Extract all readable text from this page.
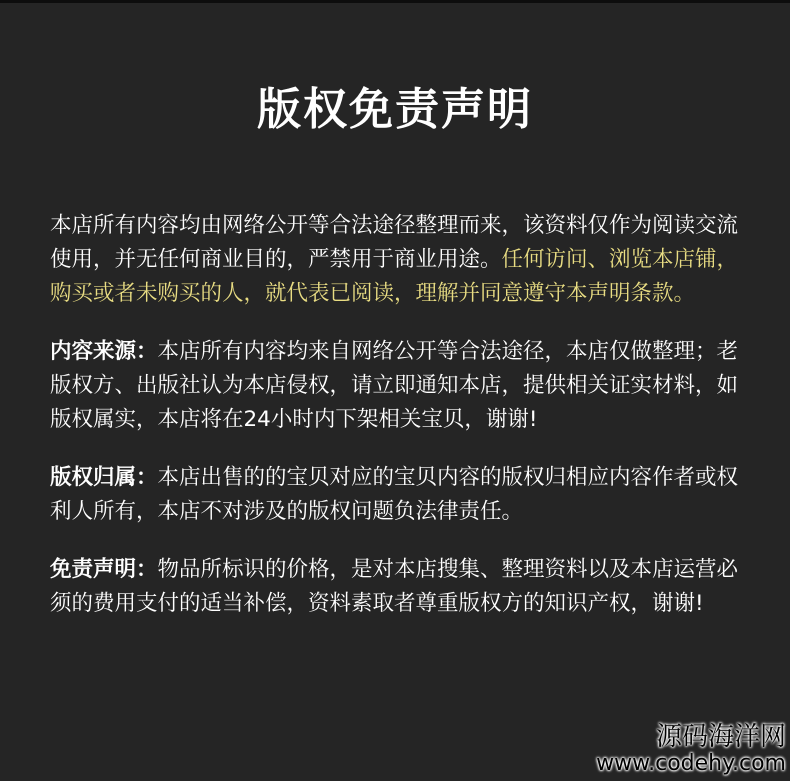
版权免责声明

本店所有内容均由网络公开等合法途径整理而来，该资料仅作为阅读交流使用，并无任何商业目的，严禁用于商业用途。任何访问、浏览本店铺，购买或者未购买的人，就代表已阅读，理解并同意遵守本声明条款。

内容来源：本店所有内容均来自网络公开等合法途径，本店仅做整理；老版权方、出版社认为本店侵权，请立即通知本店，提供相关证实材料，如版权属实，本店将在24小时内下架相关宝贝，谢谢!

版权归属：本店出售的的宝贝对应的宝贝内容的版权归相应内容作者或权利人所有，本店不对涉及的版权问题负法律责任。

免责声明：物品所标识的价格，是对本店搜集、整理资料以及本店运营必须的费用支付的适当补偿，资料素取者尊重版权方的知识产权，谢谢!

源码海洋网
www.codehy.com
